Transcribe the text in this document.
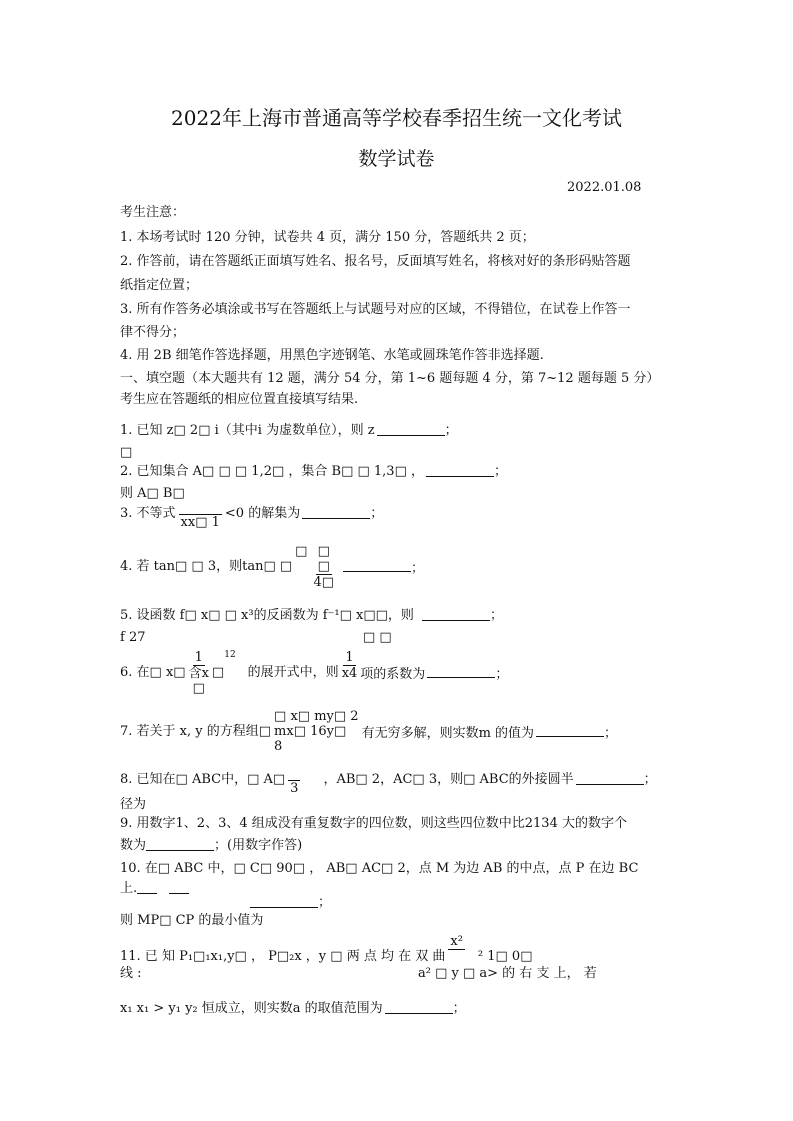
2022年上海市普通高等学校春季招生统一文化考试
数学试卷
2022.01.08
考生注意：
1. 本场考试时 120 分钟，试卷共 4 页，满分 150 分，答题纸共 2 页；
2. 作答前，请在答题纸正面填写姓名、报名号，反面填写姓名，将核对好的条形码贴答题
纸指定位置；
3. 所有作答务必填涂或书写在答题纸上与试题号对应的区域，不得错位，在试卷上作答一
律不得分；
4. 用 2B 细笔作答选择题，用黑色字迹钢笔、水笔或圆珠笔作答非选择题.
一、填空题（本大题共有 12 题，满分 54 分，第 1~6 题每题 4 分，第 7~12 题每题 5 分）
考生应在答题纸的相应位置直接填写结果.
1. 已知 z□ 2□ i（其中i 为虚数单位），则 z	；
□
2. 已知集合 A□ □ □ 1,2□ ，集合 B□ □ 1,3□ ，	；
则 A□ B□
3. 不等式
xx□ 1
<0 的解集为	；
4. 若 tan□ □ 3，则tan□ □
□ □
□
4□
；
5. 设函数 f□ x□ □ x³的反函数为 f⁻¹□ x□□，则	；
f 27	□ □
6. 在□ x□
1
含x
□
□
12
的展开式中，则 $\frac{1}{x4}$ 项的系数为	；
7. 若关于 x, y 的方程组□
□ x□ my□ 2
mx□ 16y□
8
有无穷多解，则实数m 的值为	；
8. 已知在□ ABC中，□ A□
3
，AB□ 2，AC□ 3，则□ ABC的外接圆半	；
径为
9. 用数字1、2、3、4 组成没有重复数字的四位数，则这些四位数中比2134 大的数字个
数为	；(用数字作答)
10. 在□ ABC 中，□ C□ 90□ ， AB□ AC□ 2，点 M 为边 AB 的中点，点 P 在边 BC
上.
；
则 MP□ CP 的最小值为
11. 已 知 P₁□₁x₁,y□ ， P□₂x ，y □ 两 点 均 在 双 曲
x²
² 1□ 0□
线 :	a² □ y □ a> 的 右 支 上， 若
x₁ x₁ > y₁ y₂ 恒成立，则实数a 的取值范围为	；
